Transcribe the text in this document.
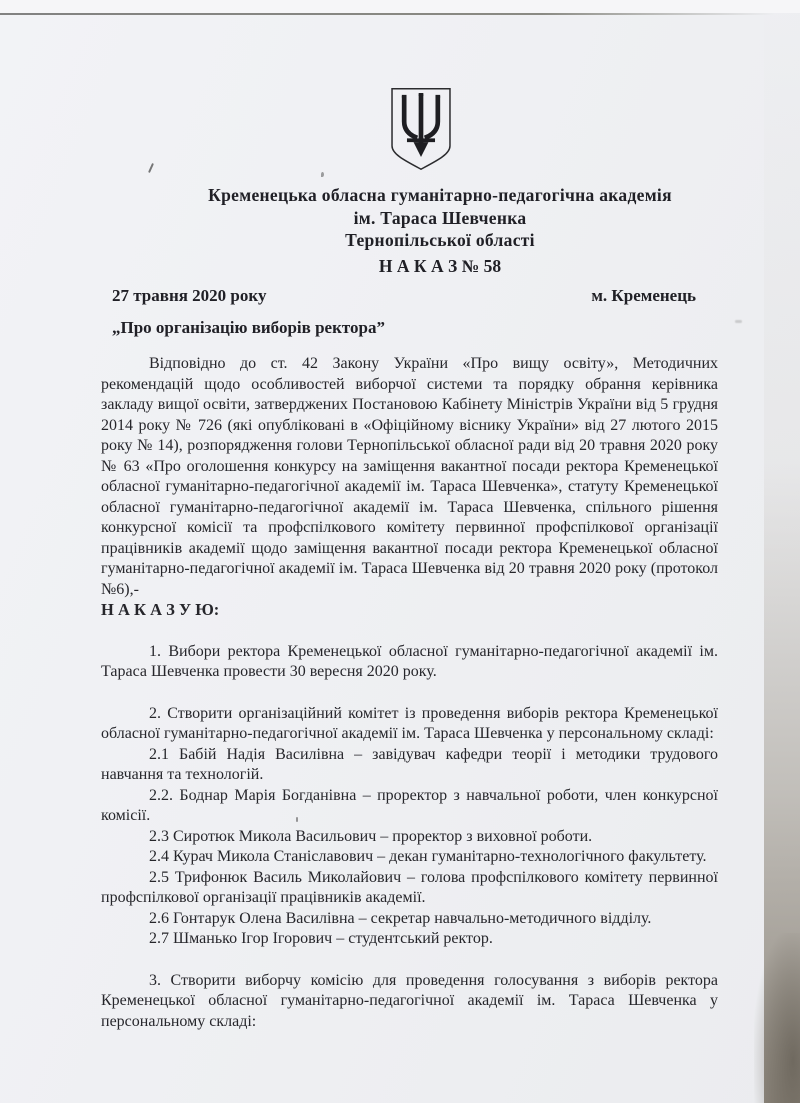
Кременецька обласна гуманітарно-педагогічна академія
ім. Тараса Шевченка
Тернопільської області
Н А К А З № 58
27 травня 2020 року	м. Кременець
„Про організацію виборів ректора”

Відповідно до ст. 42 Закону України «Про вищу освіту», Методичних рекомендацій щодо особливостей виборчої системи та порядку обрання керівника закладу вищої освіти, затверджених Постановою Кабінету Міністрів України від 5 грудня 2014 року № 726 (які опубліковані в «Офіційному віснику України» від 27 лютого 2015 року № 14), розпорядження голови Тернопільської обласної ради від 20 травня 2020 року № 63 «Про оголошення конкурсу на заміщення вакантної посади ректора Кременецької обласної гуманітарно-педагогічної академії ім. Тараса Шевченка», статуту Кременецької обласної гуманітарно-педагогічної академії ім. Тараса Шевченка, спільного рішення конкурсної комісії та профспілкового комітету первинної профспілкової організації працівників академії щодо заміщення вакантної посади ректора Кременецької обласної гуманітарно-педагогічної академії ім. Тараса Шевченка від 20 травня 2020 року (протокол №6),-

Н А К А З У Ю:

1. Вибори ректора Кременецької обласної гуманітарно-педагогічної академії ім. Тараса Шевченка провести 30 вересня 2020 року.

2. Створити організаційний комітет із проведення виборів ректора Кременецької обласної гуманітарно-педагогічної академії ім. Тараса Шевченка у персональному складі:

2.1 Бабій Надія Василівна – завідувач кафедри теорії і методики трудового навчання та технологій.

2.2. Боднар Марія Богданівна – проректор з навчальної роботи, член конкурсної комісії.

2.3 Сиротюк Микола Васильович – проректор з виховної роботи.

2.4 Курач Микола Станіславович – декан гуманітарно-технологічного факультету.

2.5 Трифонюк Василь Миколайович – голова профспілкового комітету первинної профспілкової організації працівників академії.

2.6 Гонтарук Олена Василівна – секретар навчально-методичного відділу.

2.7 Шманько Ігор Ігорович – студентський ректор.

3. Створити виборчу комісію для проведення голосування з виборів ректора Кременецької обласної гуманітарно-педагогічної академії ім. Тараса Шевченка у персональному складі:
